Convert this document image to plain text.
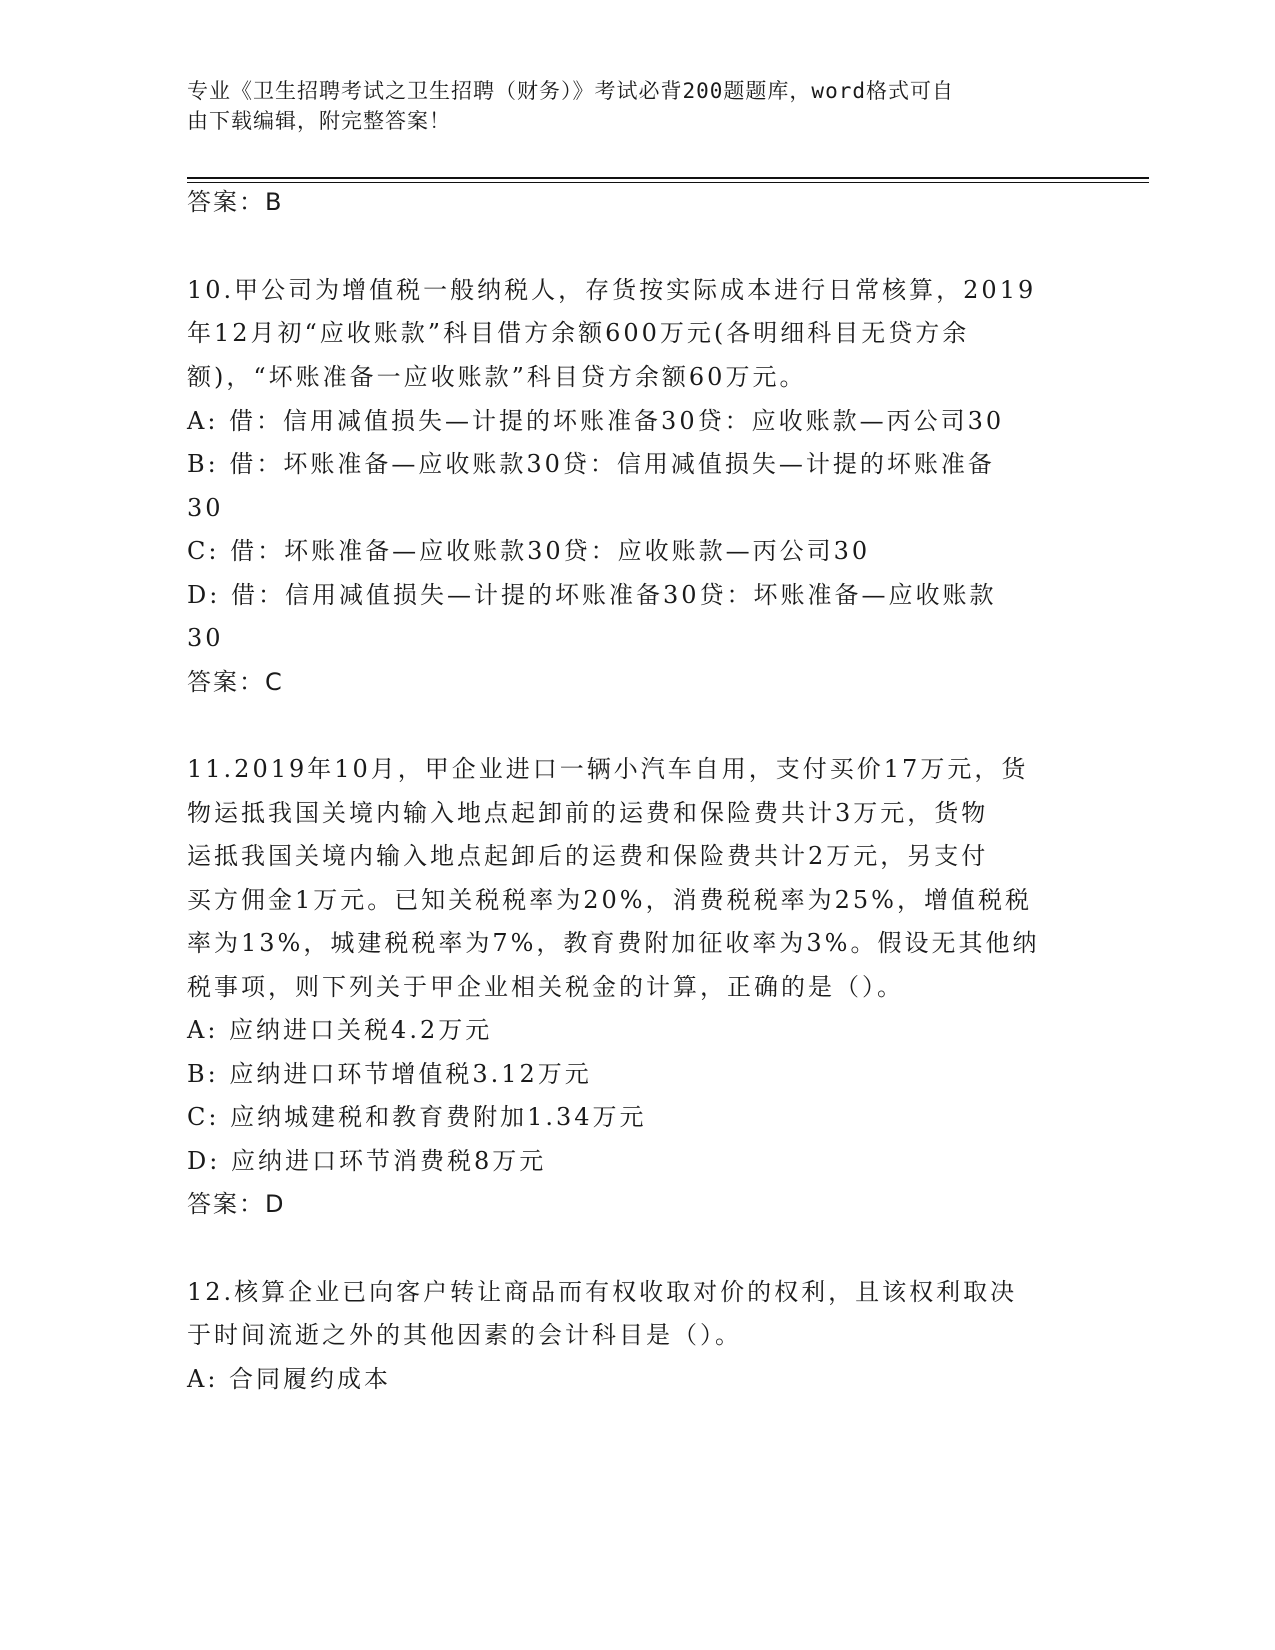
专业《卫生招聘考试之卫生招聘（财务）》考试必背200题题库，word格式可自
由下载编辑，附完整答案！
答案：B
10.甲公司为增值税一般纳税人，存货按实际成本进行日常核算，2019
年12月初“应收账款”科目借方余额600万元(各明细科目无贷方余
额)，“坏账准备一应收账款”科目贷方余额60万元。
A: 借：信用减值损失—计提的坏账准备30贷：应收账款—丙公司30
B: 借：坏账准备—应收账款30贷：信用减值损失—计提的坏账准备
30
C: 借：坏账准备—应收账款30贷：应收账款—丙公司30
D: 借：信用减值损失—计提的坏账准备30贷：坏账准备—应收账款
30
答案：C
11.2019年10月，甲企业进口一辆小汽车自用，支付买价17万元，货
物运抵我国关境内输入地点起卸前的运费和保险费共计3万元，货物
运抵我国关境内输入地点起卸后的运费和保险费共计2万元，另支付
买方佣金1万元。已知关税税率为20%，消费税税率为25%，增值税税
率为13%，城建税税率为7%，教育费附加征收率为3%。假设无其他纳
税事项，则下列关于甲企业相关税金的计算，正确的是（）。
A: 应纳进口关税4.2万元
B: 应纳进口环节增值税3.12万元
C: 应纳城建税和教育费附加1.34万元
D: 应纳进口环节消费税8万元
答案：D
12.核算企业已向客户转让商品而有权收取对价的权利，且该权利取决
于时间流逝之外的其他因素的会计科目是（）。
A: 合同履约成本
